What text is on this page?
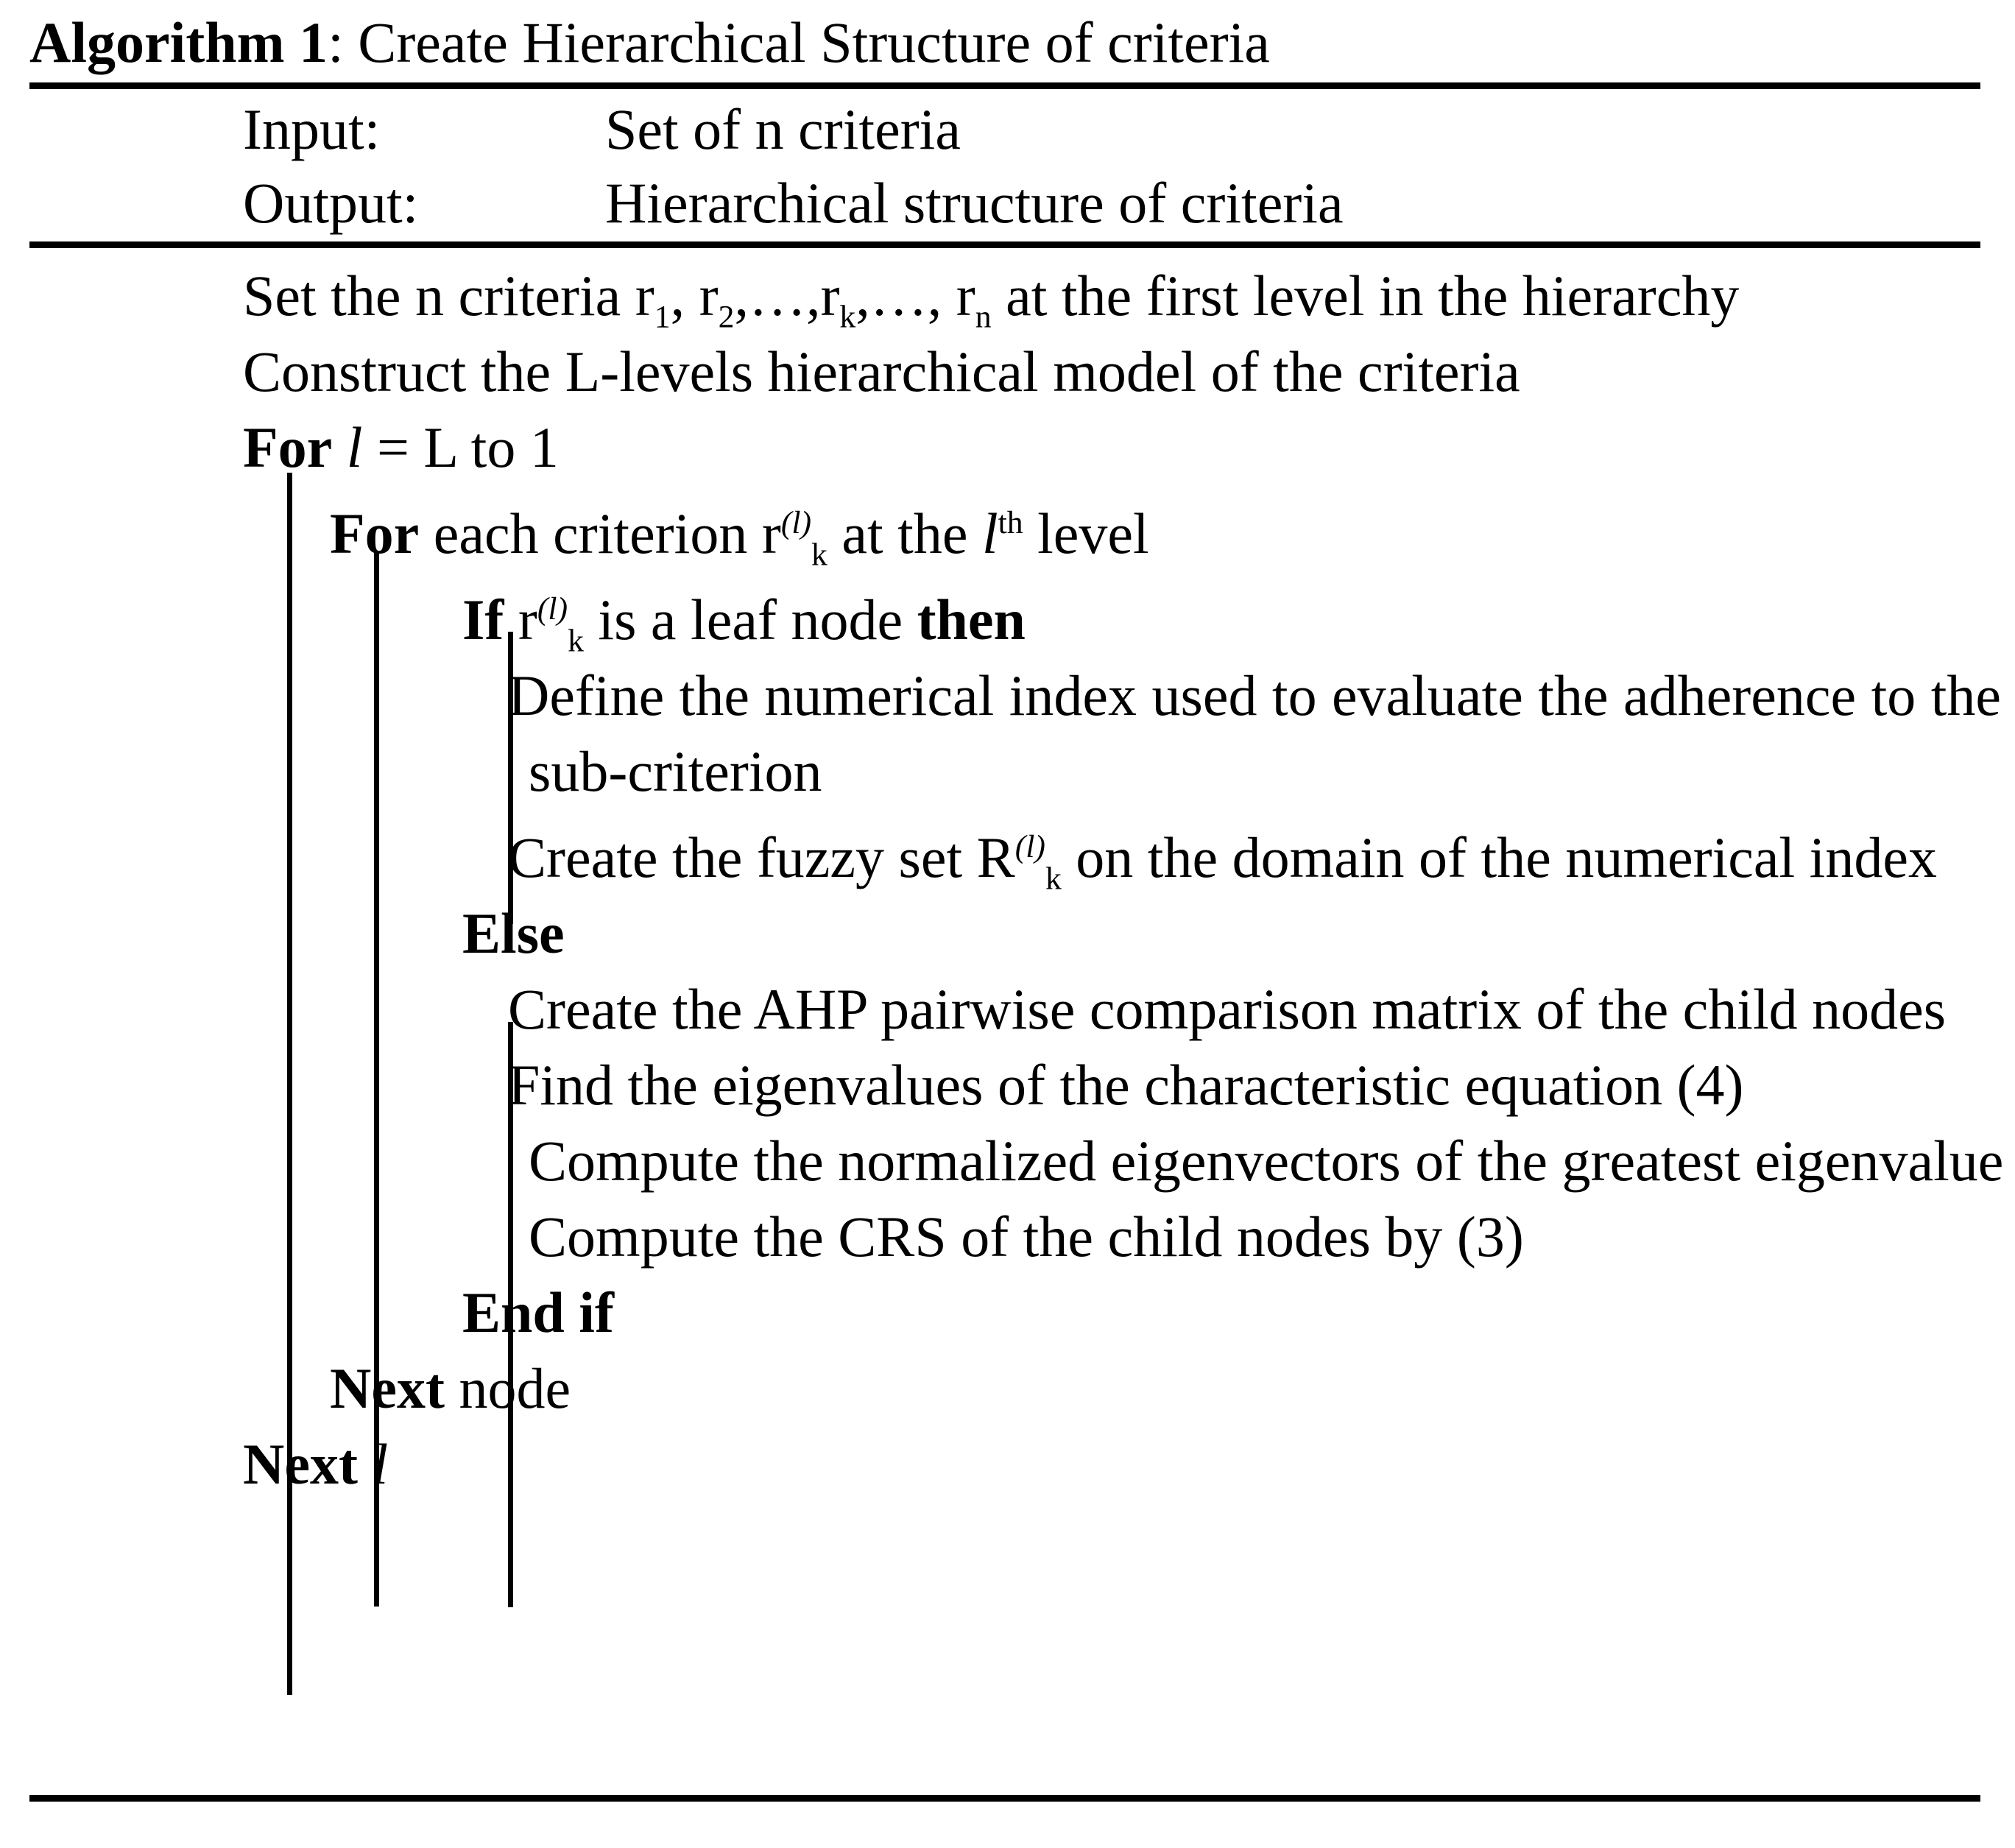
Algorithm 1: Create Hierarchical Structure of criteria
Input:	Set of n criteria
Output:	Hierarchical structure of criteria
Set the n criteria $r_1$, $r_2,\dots,r_k,\dots$, $r_n$ at the first level in the hierarchy
Construct the L-levels hierarchical model of the criteria
For l = L to 1
For each criterion $r^{(l)}_k$ at the $l^{th}$ level
If $r^{(l)}_k$ is a leaf node then
Define the numerical index used to evaluate the adherence to the sub-criterion
Create the fuzzy set $R^{(l)}_k$ on the domain of the numerical index
Else
Create the AHP pairwise comparison matrix of the child nodes
Find the eigenvalues of the characteristic equation (4)
Compute the normalized eigenvectors of the greatest eigenvalue
Compute the CRS of the child nodes by (3)
End if
Next node
Next l
